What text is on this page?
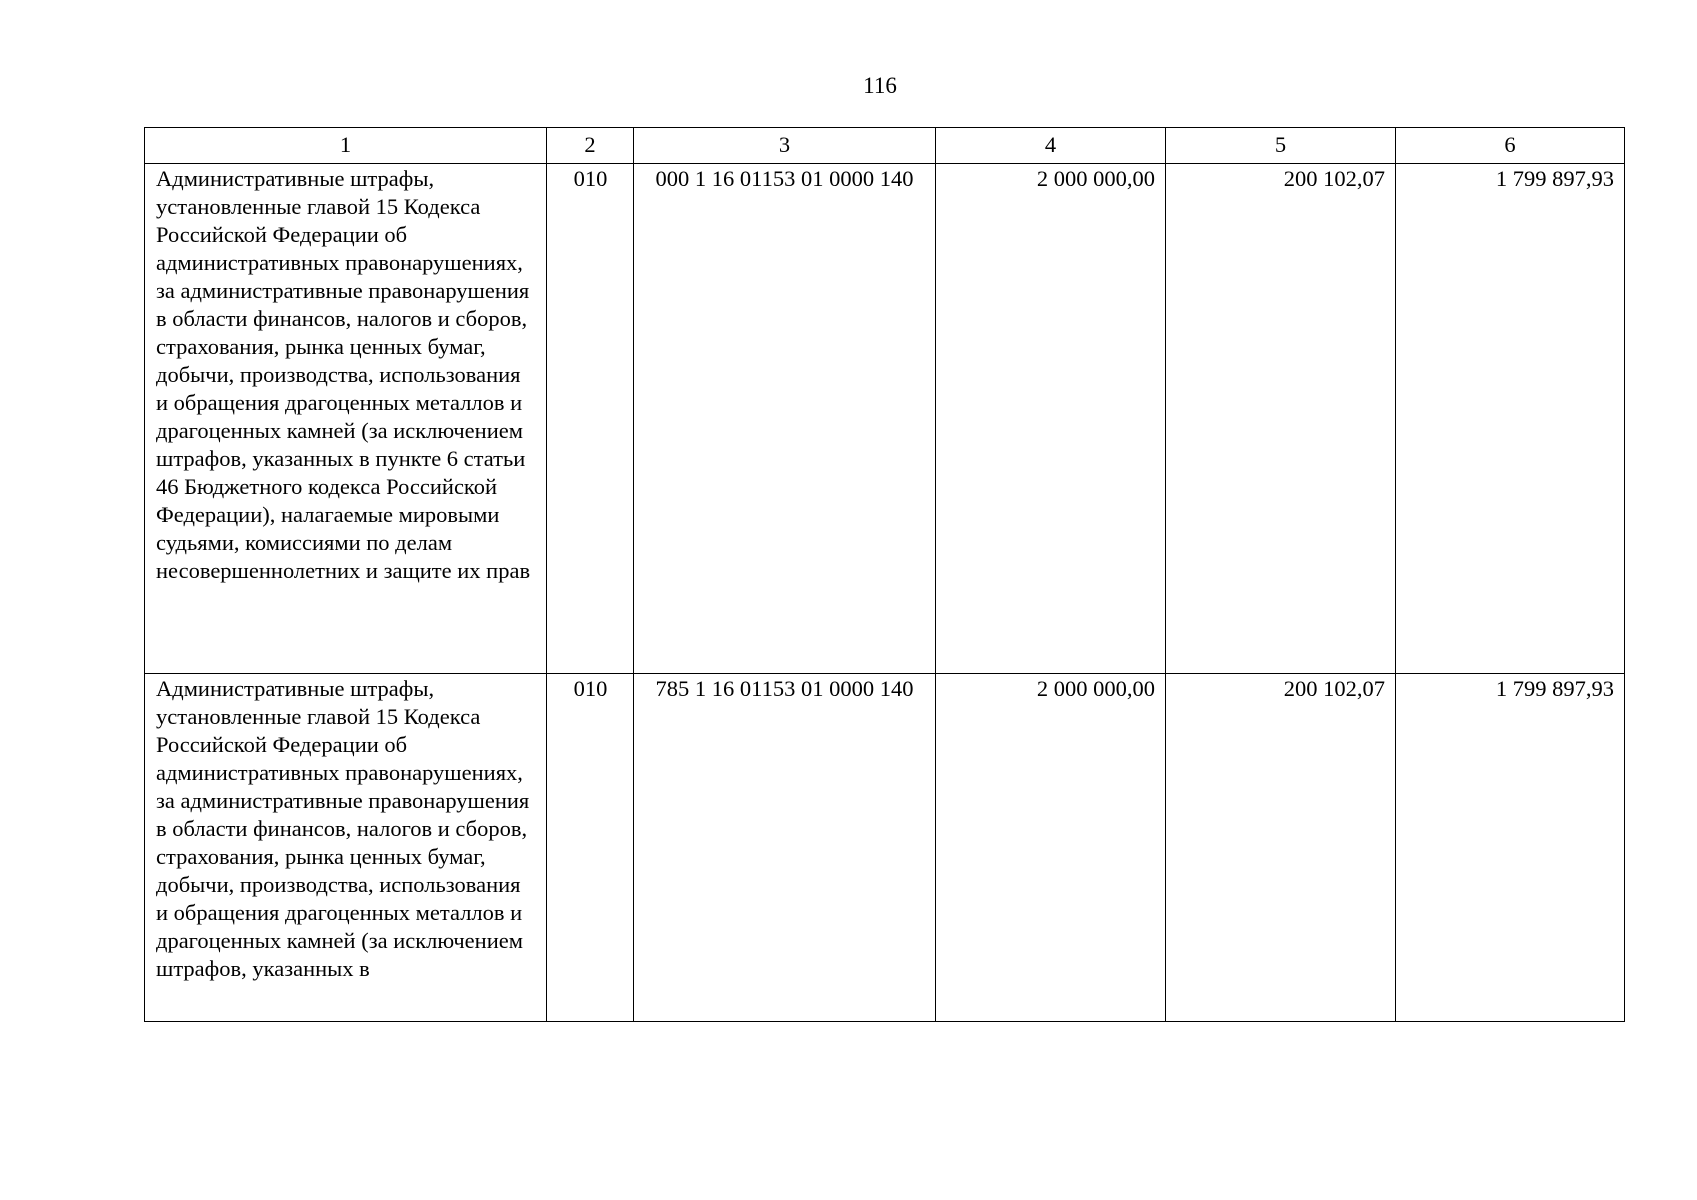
116
1	2	3	4	5	6
Административные штрафы, установленные главой 15 Кодекса Российской Федерации об административных правонарушениях, за административные правонарушения в области финансов, налогов и сборов, страхования, рынка ценных бумаг, добычи, производства, использования и обращения драгоценных металлов и драгоценных камней (за исключением штрафов, указанных в пункте 6 статьи 46 Бюджетного кодекса Российской Федерации), налагаемые мировыми судьями, комиссиями по делам несовершеннолетних и защите их прав	010	000 1 16 01153 01 0000 140	2 000 000,00	200 102,07	1 799 897,93
Административные штрафы, установленные главой 15 Кодекса Российской Федерации об административных правонарушениях, за административные правонарушения в области финансов, налогов и сборов, страхования, рынка ценных бумаг, добычи, производства, использования и обращения драгоценных металлов и драгоценных камней (за исключением штрафов, указанных в	010	785 1 16 01153 01 0000 140	2 000 000,00	200 102,07	1 799 897,93
